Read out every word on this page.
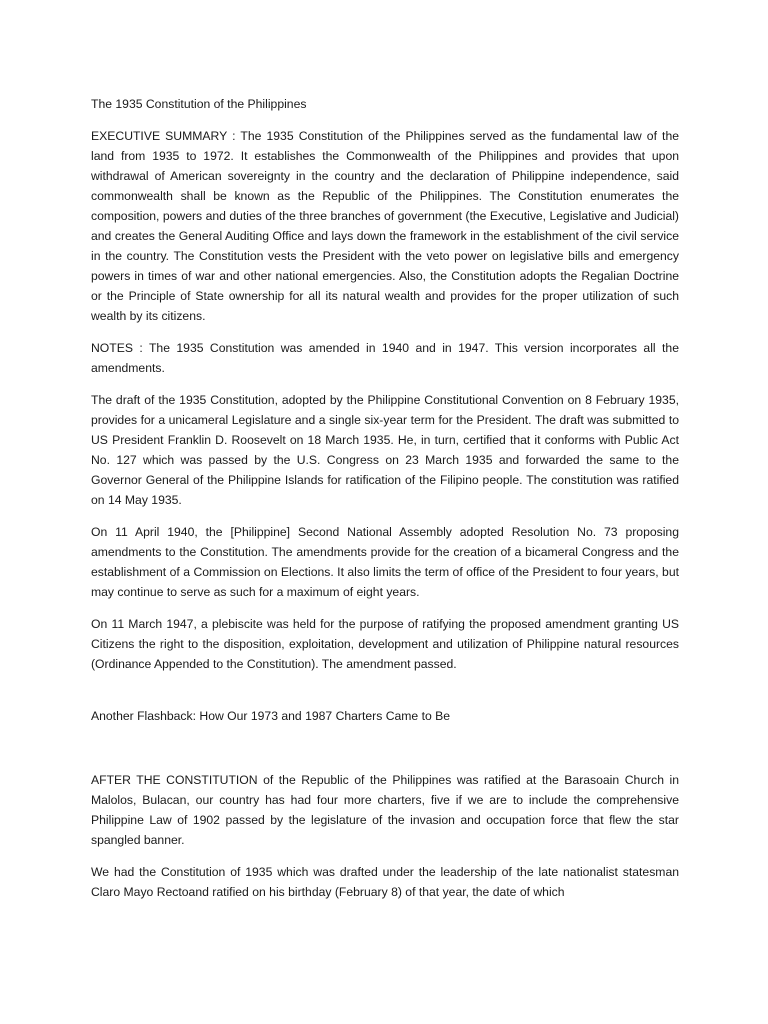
The 1935 Constitution of the Philippines

EXECUTIVE SUMMARY : The 1935 Constitution of the Philippines served as the fundamental law of the land from 1935 to 1972. It establishes the Commonwealth of the Philippines and provides that upon withdrawal of American sovereignty in the country and the declaration of Philippine independence, said commonwealth shall be known as the Republic of the Philippines. The Constitution enumerates the composition, powers and duties of the three branches of government (the Executive, Legislative and Judicial) and creates the General Auditing Office and lays down the framework in the establishment of the civil service in the country. The Constitution vests the President with the veto power on legislative bills and emergency powers in times of war and other national emergencies. Also, the Constitution adopts the Regalian Doctrine or the Principle of State ownership for all its natural wealth and provides for the proper utilization of such wealth by its citizens.

NOTES : The 1935 Constitution was amended in 1940 and in 1947. This version incorporates all the amendments.

The draft of the 1935 Constitution, adopted by the Philippine Constitutional Convention on 8 February 1935, provides for a unicameral Legislature and a single six-year term for the President. The draft was submitted to US President Franklin D. Roosevelt on 18 March 1935. He, in turn, certified that it conforms with Public Act No. 127 which was passed by the U.S. Congress on 23 March 1935 and forwarded the same to the Governor General of the Philippine Islands for ratification of the Filipino people. The constitution was ratified on 14 May 1935.

On 11 April 1940, the [Philippine] Second National Assembly adopted Resolution No. 73 proposing amendments to the Constitution. The amendments provide for the creation of a bicameral Congress and the establishment of a Commission on Elections. It also limits the term of office of the President to four years, but may continue to serve as such for a maximum of eight years.

On 11 March 1947, a plebiscite was held for the purpose of ratifying the proposed amendment granting US Citizens the right to the disposition, exploitation, development and utilization of Philippine natural resources (Ordinance Appended to the Constitution). The amendment passed.

Another Flashback: How Our 1973 and 1987 Charters Came to Be

AFTER THE CONSTITUTION of the Republic of the Philippines was ratified at the Barasoain Church in Malolos, Bulacan, our country has had four more charters, five if we are to include the comprehensive Philippine Law of 1902 passed by the legislature of the invasion and occupation force that flew the star spangled banner.

We had the Constitution of 1935 which was drafted under the leadership of the late nationalist statesman Claro Mayo Rectoand ratified on his birthday (February 8) of that year, the date of which
